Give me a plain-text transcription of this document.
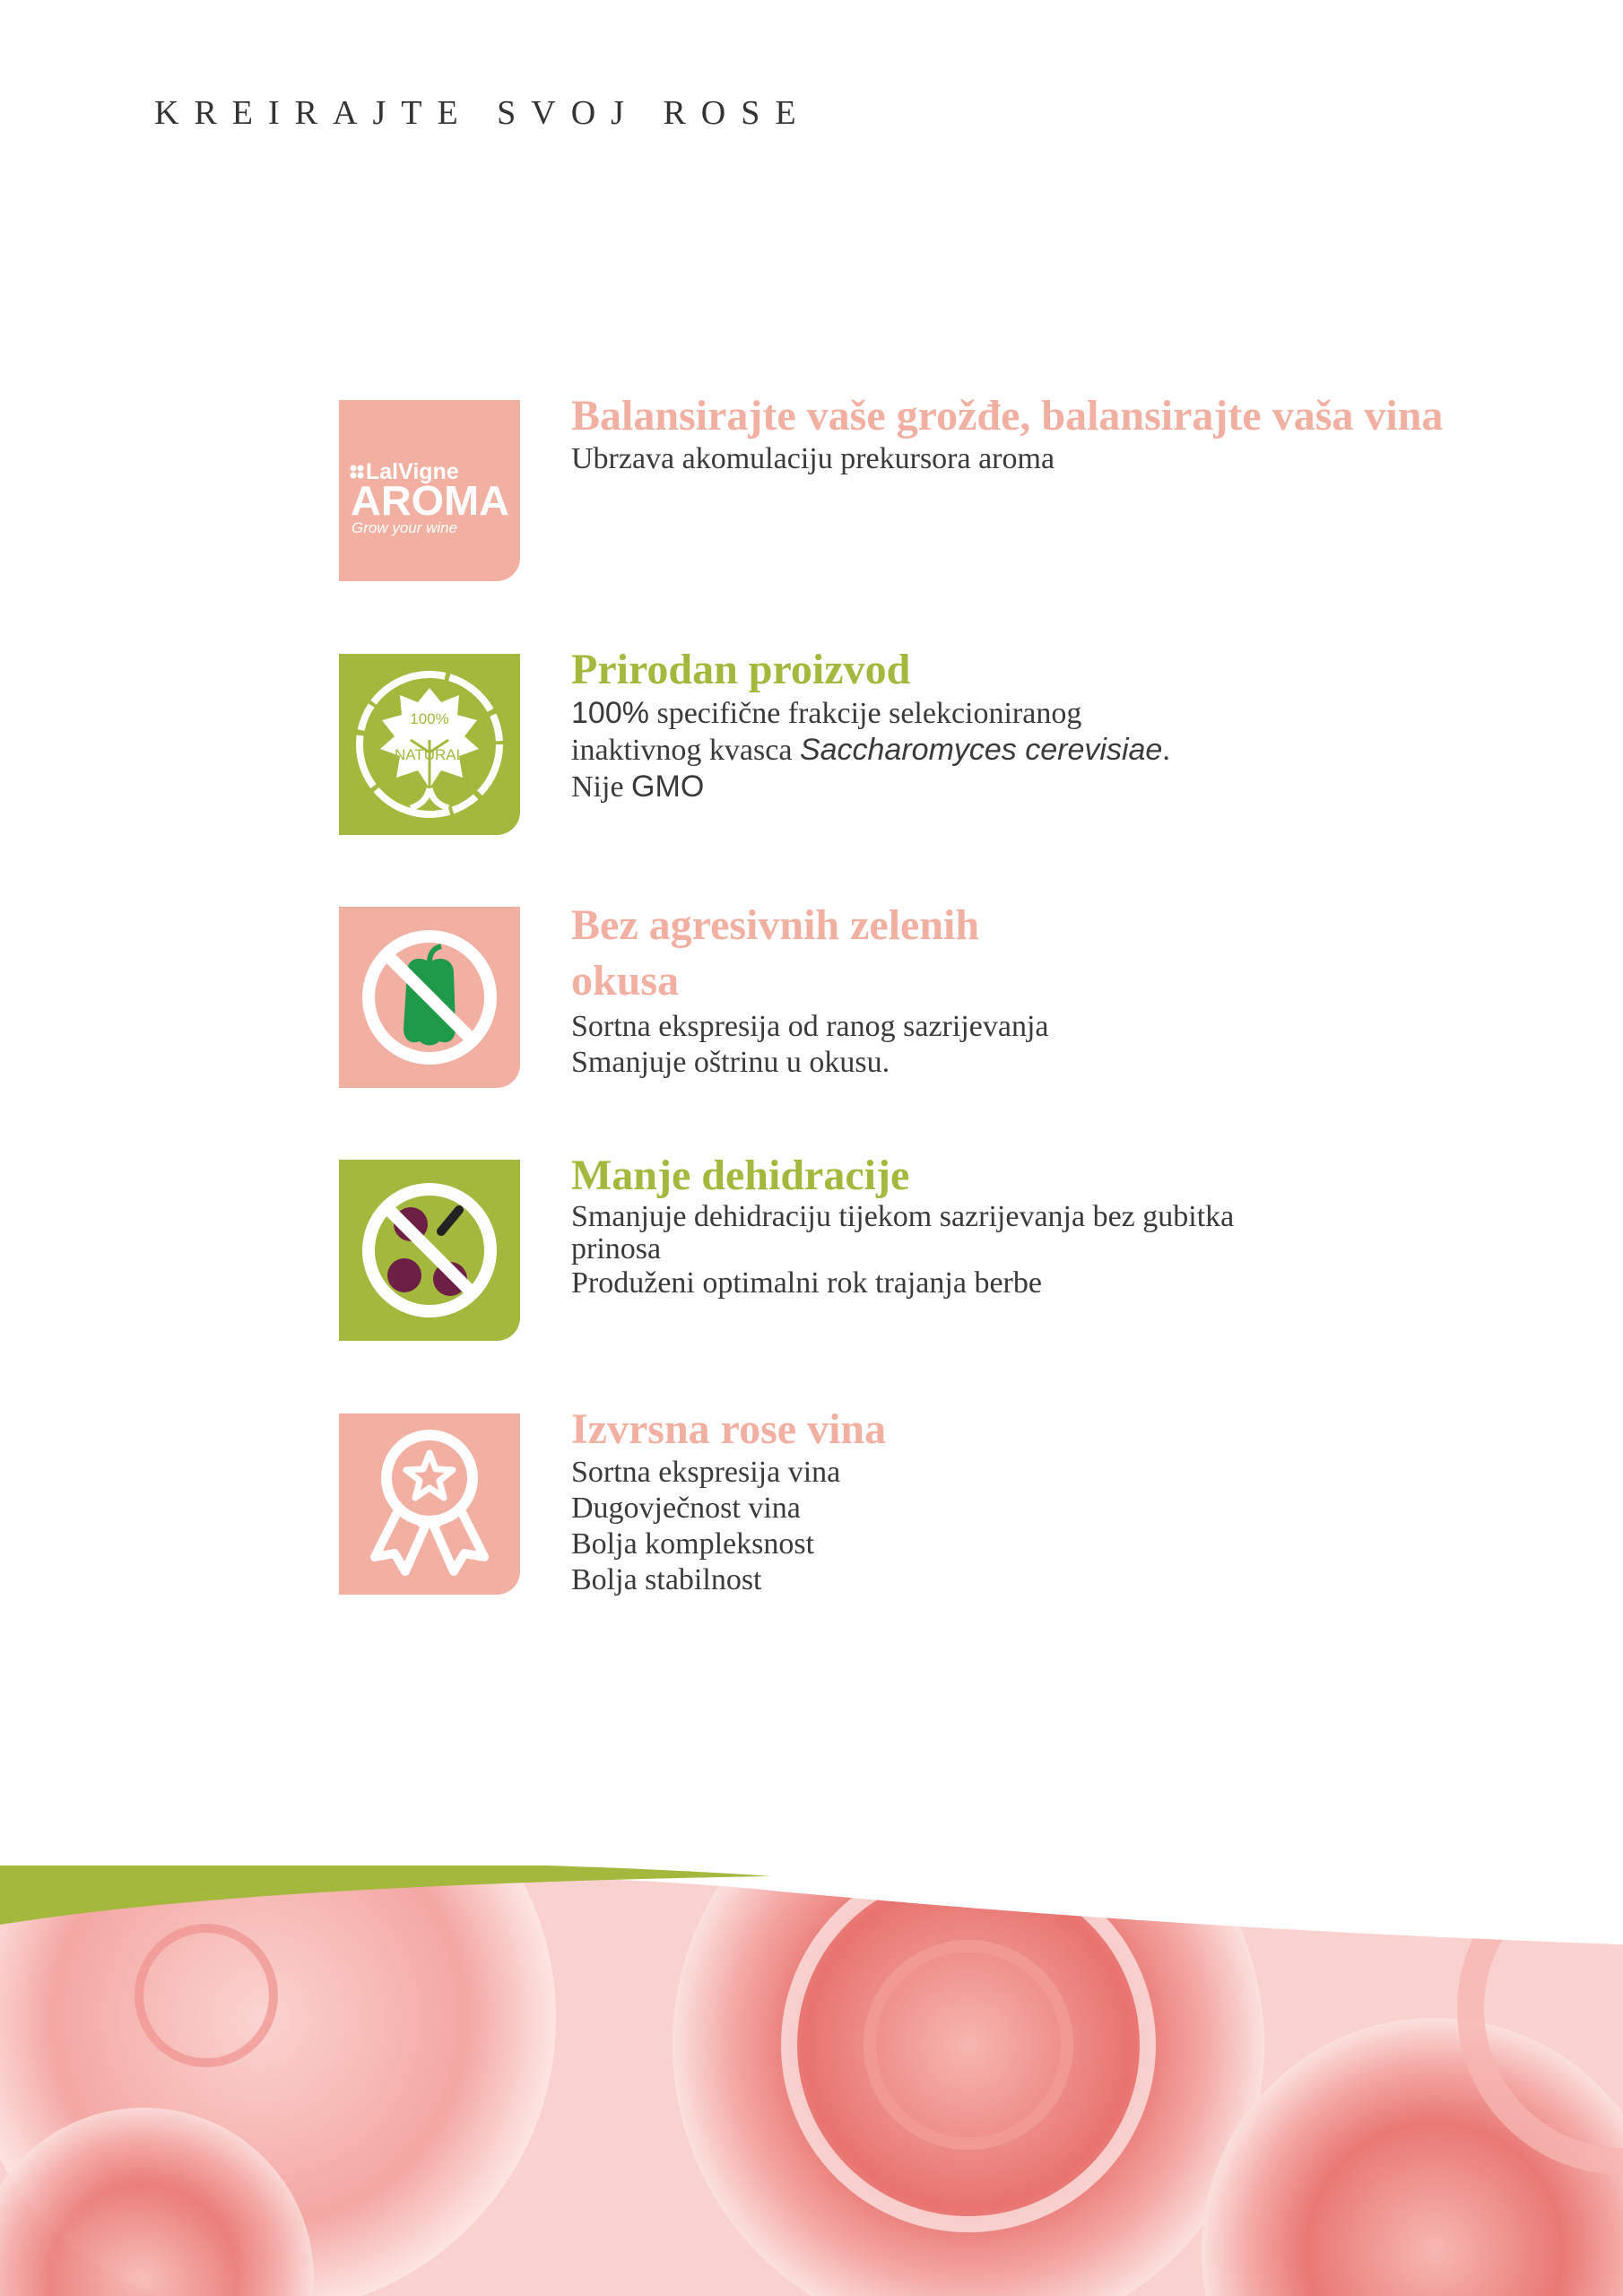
KREIRAJTE SVOJ ROSE
LalVigne
AROMA
Grow your wine

Balansirajte vaše grožđe, balansirajte vaša vina

Ubrzava akomulaciju prekursora aroma

100%
NATURAL

Prirodan proizvod

100% specifične frakcije selekcioniranog
inaktivnog kvasca Saccharomyces cerevisiae.
Nije GMO

Bez agresivnih zelenih
okusa

Sortna ekspresija od ranog sazrijevanja

Smanjuje oštrinu u okusu.

Manje dehidracije

Smanjuje dehidraciju tijekom sazrijevanja bez gubitka prinosa

Produženi optimalni rok trajanja berbe

Izvrsna rose vina

Sortna ekspresija vina

Dugovječnost vina

Bolja kompleksnost

Bolja stabilnost
